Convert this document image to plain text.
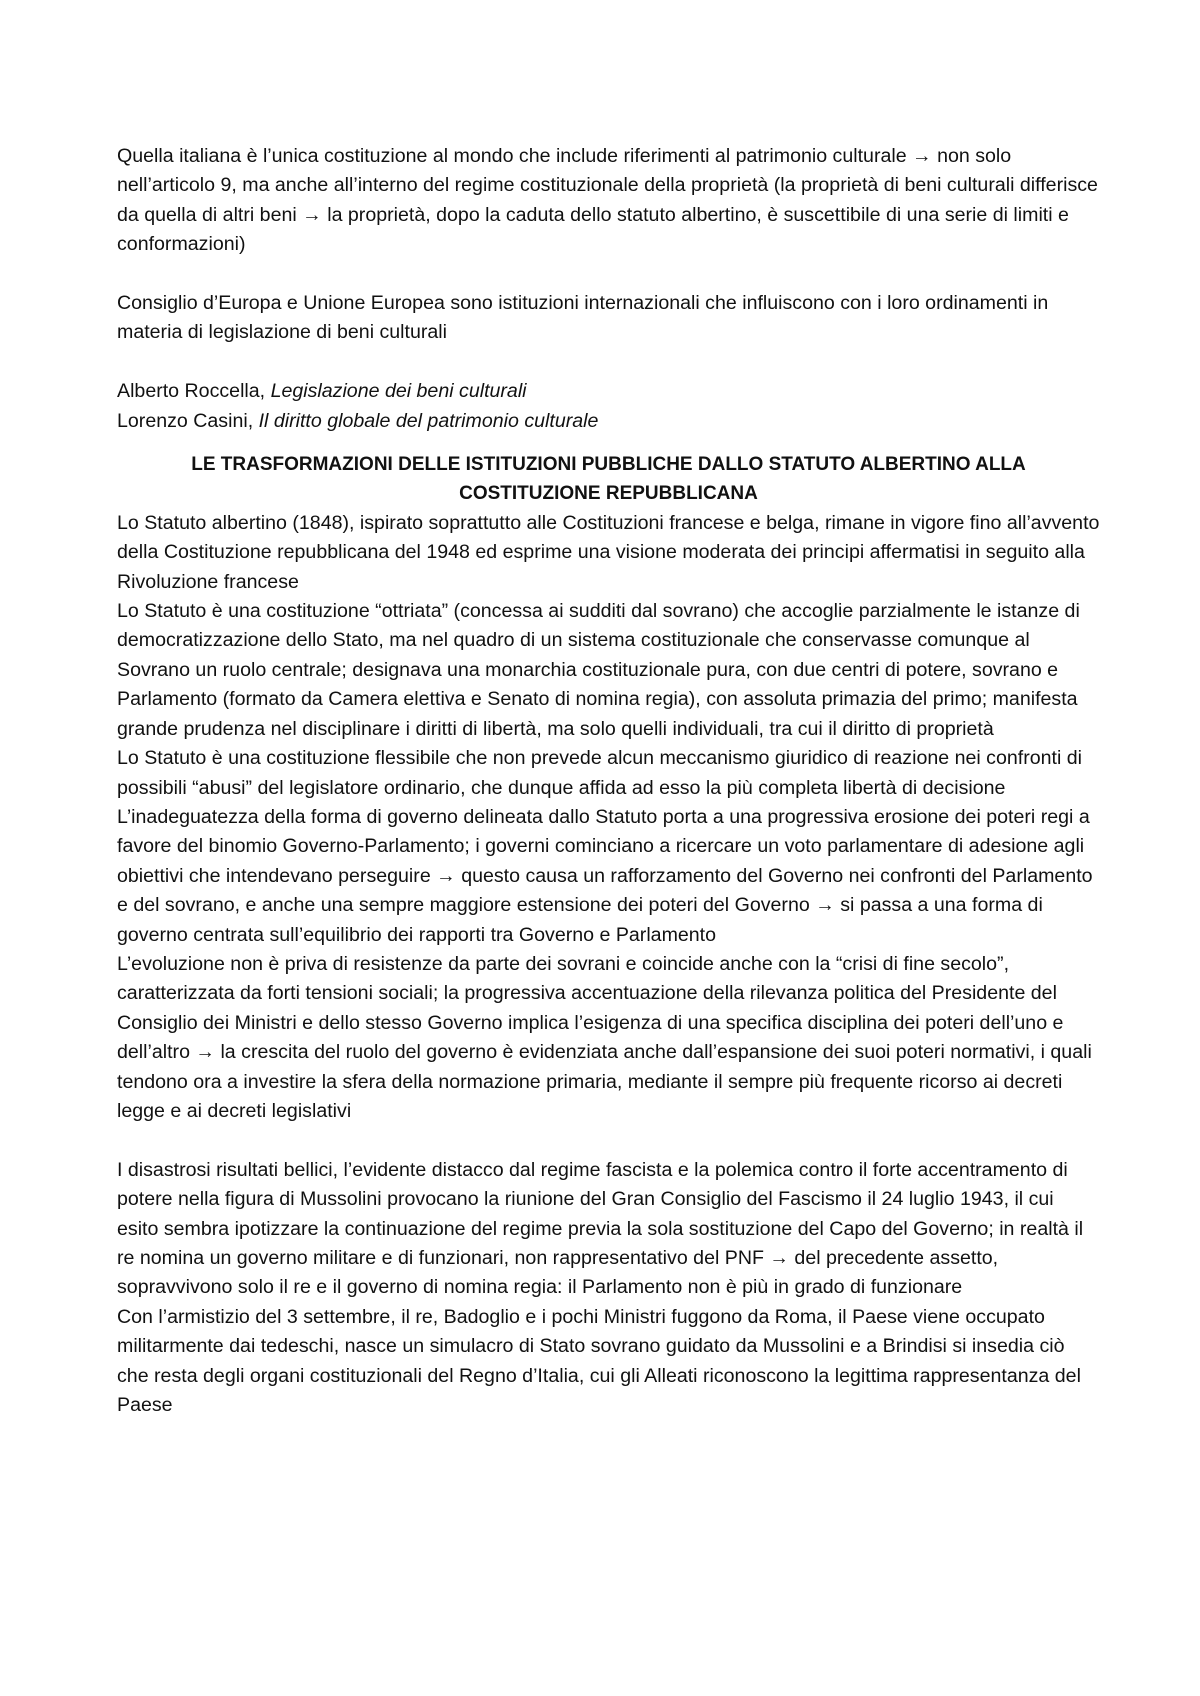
Quella italiana è l’unica costituzione al mondo che include riferimenti al patrimonio culturale → non solo nell’articolo 9, ma anche all’interno del regime costituzionale della proprietà (la proprietà di beni culturali differisce da quella di altri beni → la proprietà, dopo la caduta dello statuto albertino, è suscettibile di una serie di limiti e conformazioni)

Consiglio d’Europa e Unione Europea sono istituzioni internazionali che influiscono con i loro ordinamenti in materia di legislazione di beni culturali

Alberto Roccella, Legislazione dei beni culturali

Lorenzo Casini, Il diritto globale del patrimonio culturale

LE TRASFORMAZIONI DELLE ISTITUZIONI PUBBLICHE DALLO STATUTO ALBERTINO ALLA
COSTITUZIONE REPUBBLICANA

Lo Statuto albertino (1848), ispirato soprattutto alle Costituzioni francese e belga, rimane in vigore fino all’avvento della Costituzione repubblicana del 1948 ed esprime una visione moderata dei principi affermatisi in seguito alla Rivoluzione francese

Lo Statuto è una costituzione “ottriata” (concessa ai sudditi dal sovrano) che accoglie parzialmente le istanze di democratizzazione dello Stato, ma nel quadro di un sistema costituzionale che conservasse comunque al Sovrano un ruolo centrale; designava una monarchia costituzionale pura, con due centri di potere, sovrano e Parlamento (formato da Camera elettiva e Senato di nomina regia), con assoluta primazia del primo; manifesta grande prudenza nel disciplinare i diritti di libertà, ma solo quelli individuali, tra cui il diritto di proprietà

Lo Statuto è una costituzione flessibile che non prevede alcun meccanismo giuridico di reazione nei confronti di possibili “abusi” del legislatore ordinario, che dunque affida ad esso la più completa libertà di decisione

L’inadeguatezza della forma di governo delineata dallo Statuto porta a una progressiva erosione dei poteri regi a favore del binomio Governo-Parlamento; i governi cominciano a ricercare un voto parlamentare di adesione agli obiettivi che intendevano perseguire → questo causa un rafforzamento del Governo nei confronti del Parlamento e del sovrano, e anche una sempre maggiore estensione dei poteri del Governo → si passa a una forma di governo centrata sull’equilibrio dei rapporti tra Governo e Parlamento

L’evoluzione non è priva di resistenze da parte dei sovrani e coincide anche con la “crisi di fine secolo”, caratterizzata da forti tensioni sociali; la progressiva accentuazione della rilevanza politica del Presidente del Consiglio dei Ministri e dello stesso Governo implica l’esigenza di una specifica disciplina dei poteri dell’uno e dell’altro → la crescita del ruolo del governo è evidenziata anche dall’espansione dei suoi poteri normativi, i quali tendono ora a investire la sfera della normazione primaria, mediante il sempre più frequente ricorso ai decreti legge e ai decreti legislativi

I disastrosi risultati bellici, l’evidente distacco dal regime fascista e la polemica contro il forte accentramento di potere nella figura di Mussolini provocano la riunione del Gran Consiglio del Fascismo il 24 luglio 1943, il cui esito sembra ipotizzare la continuazione del regime previa la sola sostituzione del Capo del Governo; in realtà il re nomina un governo militare e di funzionari, non rappresentativo del PNF → del precedente assetto, sopravvivono solo il re e il governo di nomina regia: il Parlamento non è più in grado di funzionare

Con l’armistizio del 3 settembre, il re, Badoglio e i pochi Ministri fuggono da Roma, il Paese viene occupato militarmente dai tedeschi, nasce un simulacro di Stato sovrano guidato da Mussolini e a Brindisi si insedia ciò che resta degli organi costituzionali del Regno d’Italia, cui gli Alleati riconoscono la legittima rappresentanza del Paese
